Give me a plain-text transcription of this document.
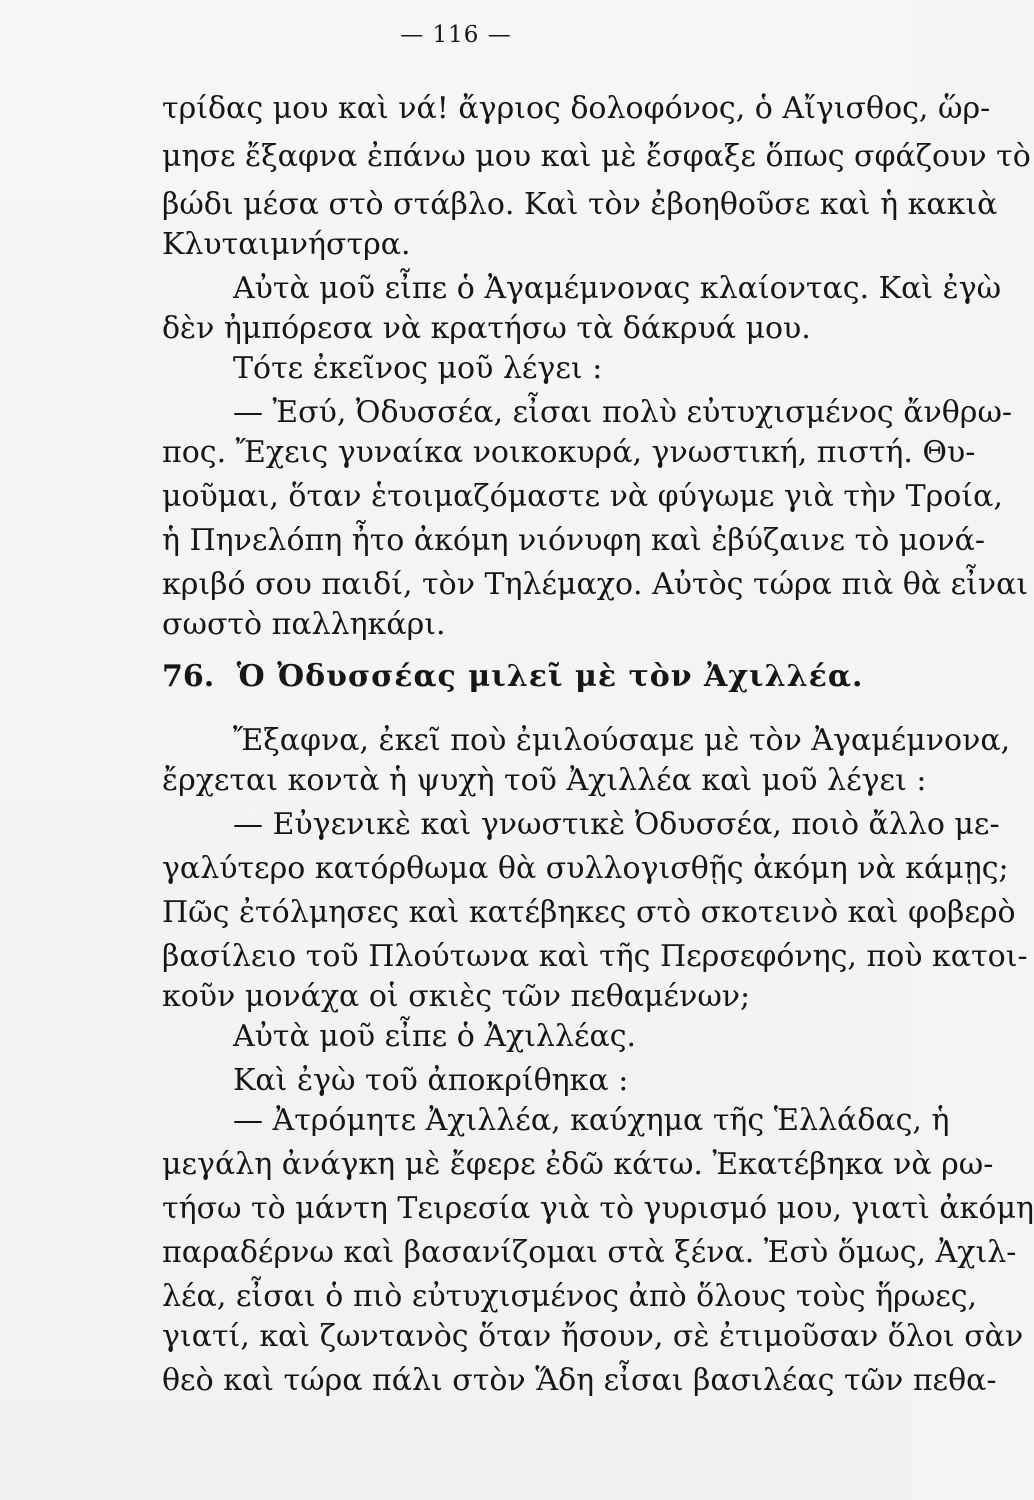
— 116 —
τρίδας μου καὶ νά! ἄγριος δολοφόνος, ὁ Αἴγισθος, ὥρ-
μησε ἔξαφνα ἐπάνω μου καὶ μὲ ἔσφαξε ὅπως σφάζουν τὸ
βώδι μέσα στὸ στάβλο. Καὶ τὸν ἐβοηθοῦσε καὶ ἡ κακιὰ
Κλυταιμνήστρα.
Αὐτὰ μοῦ εἶπε ὁ Ἀγαμέμνονας κλαίοντας. Καὶ ἐγὼ
δὲν ἠμπόρεσα νὰ κρατήσω τὰ δάκρυά μου.
Τότε ἐκεῖνος μοῦ λέγει :
— Ἐσύ, Ὀδυσσέα, εἶσαι πολὺ εὐτυχισμένος ἄνθρω-
πος. Ἔχεις γυναίκα νοικοκυρά, γνωστική, πιστή. Θυ-
μοῦμαι, ὅταν ἑτοιμαζόμαστε νὰ φύγωμε γιὰ τὴν Τροία,
ἡ Πηνελόπη ἦτο ἀκόμη νιόνυφη καὶ ἐβύζαινε τὸ μονά-
κριβό σου παιδί, τὸν Τηλέμαχο. Αὐτὸς τώρα πιὰ θὰ εἶναι
σωστὸ παλληκάρι.
76. Ὁ Ὀδυσσέας μιλεῖ μὲ τὸν Ἀχιλλέα.
Ἔξαφνα, ἐκεῖ ποὺ ἐμιλούσαμε μὲ τὸν Ἀγαμέμνονα,
ἔρχεται κοντὰ ἡ ψυχὴ τοῦ Ἀχιλλέα καὶ μοῦ λέγει :
— Εὐγενικὲ καὶ γνωστικὲ Ὀδυσσέα, ποιὸ ἄλλο με-
γαλύτερο κατόρθωμα θὰ συλλογισθῇς ἀκόμη νὰ κάμῃς;
Πῶς ἐτόλμησες καὶ κατέβηκες στὸ σκοτεινὸ καὶ φοβερὸ
βασίλειο τοῦ Πλούτωνα καὶ τῆς Περσεφόνης, ποὺ κατοι-
κοῦν μονάχα οἱ σκιὲς τῶν πεθαμένων;
Αὐτὰ μοῦ εἶπε ὁ Ἀχιλλέας.
Καὶ ἐγὼ τοῦ ἀποκρίθηκα :
— Ἀτρόμητε Ἀχιλλέα, καύχημα τῆς Ἑλλάδας, ἡ
μεγάλη ἀνάγκη μὲ ἔφερε ἐδῶ κάτω. Ἐκατέβηκα νὰ ρω-
τήσω τὸ μάντη Τειρεσία γιὰ τὸ γυρισμό μου, γιατὶ ἀκόμη
παραδέρνω καὶ βασανίζομαι στὰ ξένα. Ἐσὺ ὅμως, Ἀχιλ-
λέα, εἶσαι ὁ πιὸ εὐτυχισμένος ἀπὸ ὅλους τοὺς ἥρωες,
γιατί, καὶ ζωντανὸς ὅταν ἤσουν, σὲ ἐτιμοῦσαν ὅλοι σὰν
θεὸ καὶ τώρα πάλι στὸν Ἅδη εἶσαι βασιλέας τῶν πεθα-
